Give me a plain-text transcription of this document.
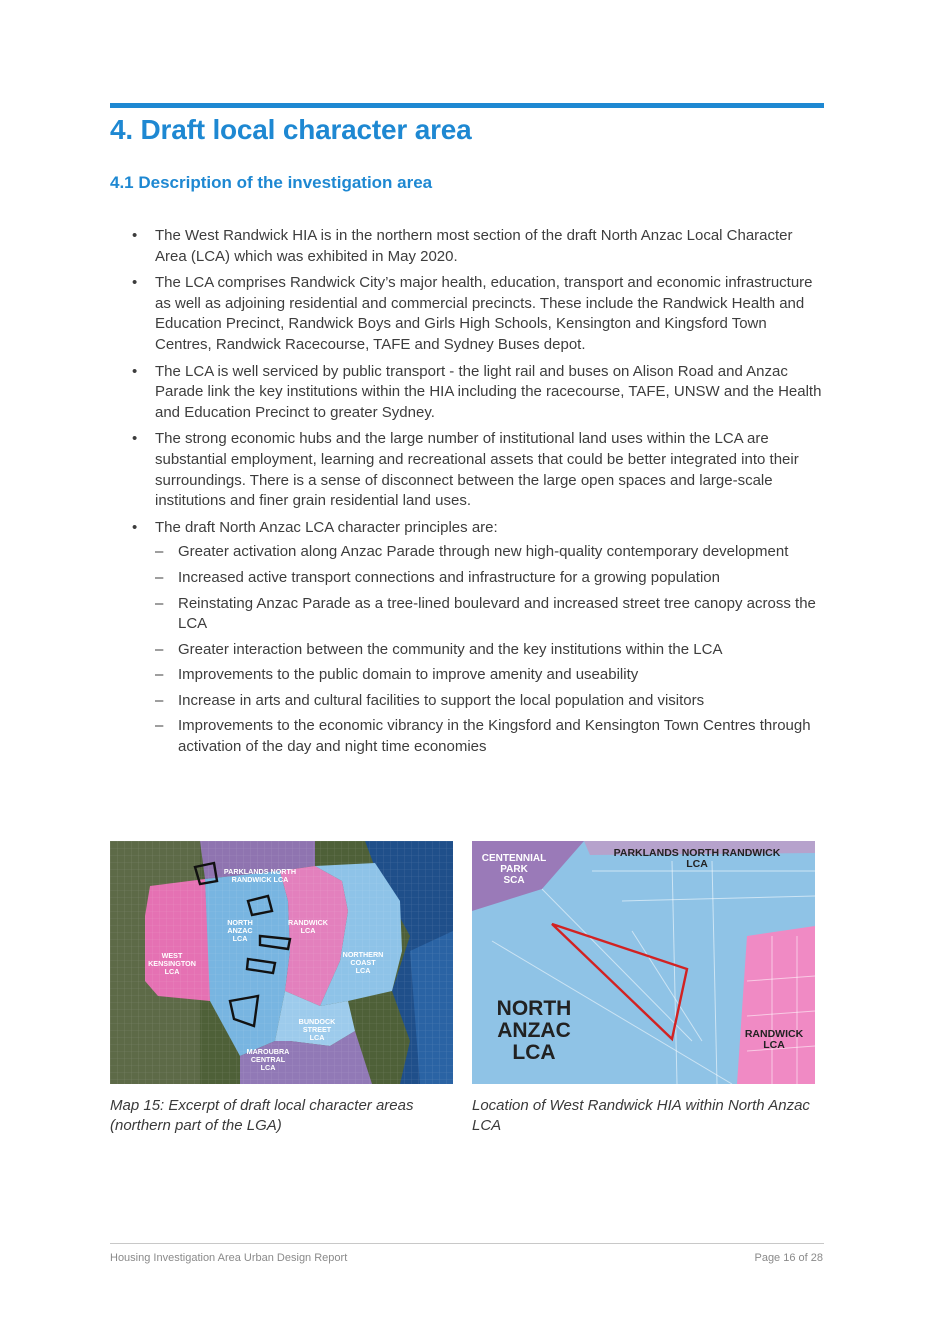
4. Draft local character area
4.1 Description of the investigation area
• The West Randwick HIA is in the northern most section of the draft North Anzac Local Character Area (LCA) which was exhibited in May 2020.
• The LCA comprises Randwick City’s major health, education, transport and economic infrastructure as well as adjoining residential and commercial precincts. These include the Randwick Health and Education Precinct, Randwick Boys and Girls High Schools, Kensington and Kingsford Town Centres, Randwick Racecourse, TAFE and Sydney Buses depot.
• The LCA is well serviced by public transport - the light rail and buses on Alison Road and Anzac Parade link the key institutions within the HIA including the racecourse, TAFE, UNSW and the Health and Education Precinct to greater Sydney.
• The strong economic hubs and the large number of institutional land uses within the LCA are substantial employment, learning and recreational assets that could be better integrated into their surroundings. There is a sense of disconnect between the large open spaces and large-scale institutions and finer grain residential land uses.
• The draft North Anzac LCA character principles are:
– Greater activation along Anzac Parade through new high-quality contemporary development
– Increased active transport connections and infrastructure for a growing population
– Reinstating Anzac Parade as a tree-lined boulevard and increased street tree canopy across the LCA
– Greater interaction between the community and the key institutions within the LCA
– Improvements to the public domain to improve amenity and useability
– Increase in arts and cultural facilities to support the local population and visitors
– Improvements to the economic vibrancy in the Kingsford and Kensington Town Centres through activation of the day and night time economies
PARKLANDS NORTH
RANDWICK LCA
NORTH
ANZAC
LCA
RANDWICK
LCA
WEST
KENSINGTON
LCA
NORTHERN
COAST
LCA
BUNDOCK
STREET
LCA
MAROUBRA
CENTRAL
LCA
CENTENNIAL
PARK
SCA
PARKLANDS NORTH RANDWICK
LCA
NORTH
ANZAC
LCA
RANDWICK
LCA
Map 15: Excerpt of draft local character areas (northern part of the LGA)
Location of West Randwick HIA within North Anzac LCA
Housing Investigation Area Urban Design Report	Page 16 of 28
